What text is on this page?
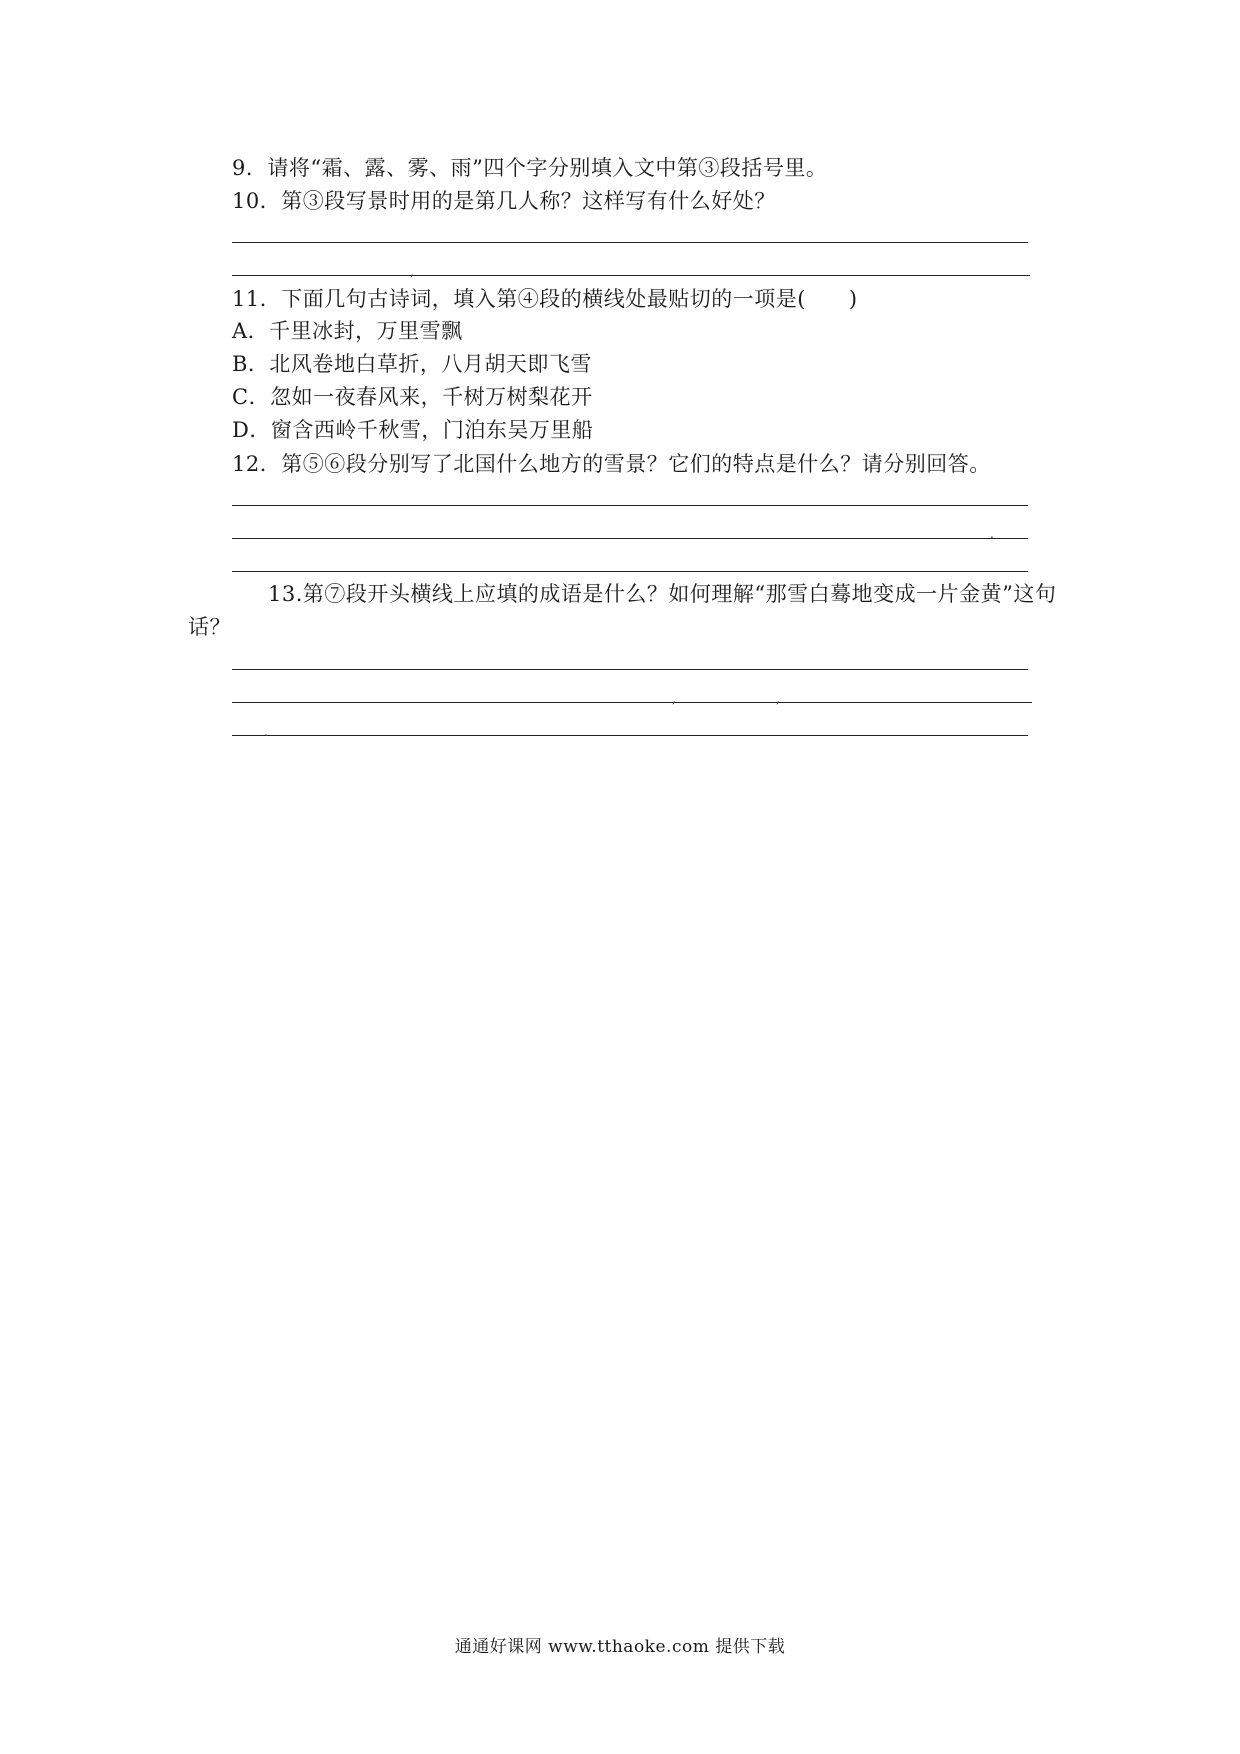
9．请将“霜、露、雾、雨”四个字分别填入文中第③段括号里。
10．第③段写景时用的是第几人称？这样写有什么好处？
,
11．下面几句古诗词，填入第④段的横线处最贴切的一项是(　　)
A．千里冰封，万里雪飘
B．北风卷地白草折，八月胡天即飞雪
C．忽如一夜春风来，千树万树梨花开
D．窗含西岭千秋雪，门泊东吴万里船
12．第⑤⑥段分别写了北国什么地方的雪景？它们的特点是什么？请分别回答。
.
13.第⑦段开头横线上应填的成语是什么？如何理解“那雪白蓦地变成一片金黄”这句
话？
,	,
.
通通好课网 www.tthaoke.com 提供下载
